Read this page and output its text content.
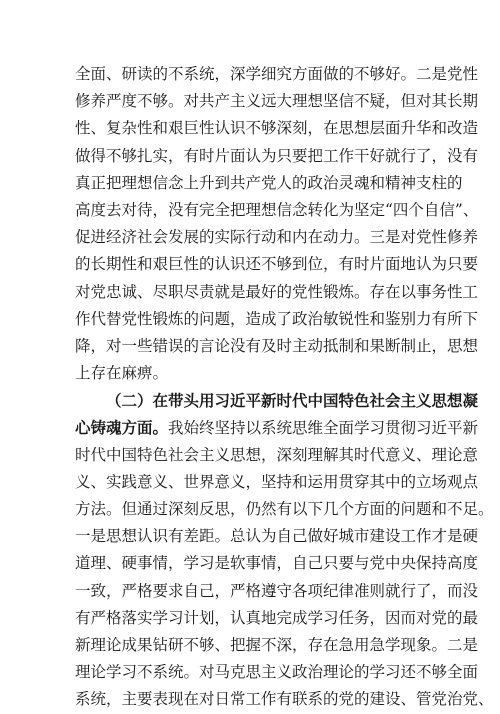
全面、研读的不系统，深学细究方面做的不够好。二是党性
修养严度不够。对共产主义远大理想坚信不疑，但对其长期
性、复杂性和艰巨性认识不够深刻，在思想层面升华和改造
做得不够扎实，有时片面认为只要把工作干好就行了，没有
真正把理想信念上升到共产党人的政治灵魂和精神支柱的
高度去对待，没有完全把理想信念转化为坚定“四个自信”、
促进经济社会发展的实际行动和内在动力。三是对党性修养
的长期性和艰巨性的认识还不够到位，有时片面地认为只要
对党忠诚、尽职尽责就是最好的党性锻炼。存在以事务性工
作代替党性锻炼的问题，造成了政治敏锐性和鉴别力有所下
降，对一些错误的言论没有及时主动抵制和果断制止，思想
上存在麻痹。
（二）在带头用习近平新时代中国特色社会主义思想凝
心铸魂方面。我始终坚持以系统思维全面学习贯彻习近平新
时代中国特色社会主义思想，深刻理解其时代意义、理论意
义、实践意义、世界意义，坚持和运用贯穿其中的立场观点
方法。但通过深刻反思，仍然有以下几个方面的问题和不足。
一是思想认识有差距。总认为自己做好城市建设工作才是硬
道理、硬事情，学习是软事情，自己只要与党中央保持高度
一致，严格要求自己，严格遵守各项纪律准则就行了，而没
有严格落实学习计划，认真地完成学习任务，因而对党的最
新理论成果钻研不够、把握不深，存在急用急学现象。二是
理论学习不系统。对马克思主义政治理论的学习还不够全面
系统，主要表现在对日常工作有联系的党的建设、管党治党、
